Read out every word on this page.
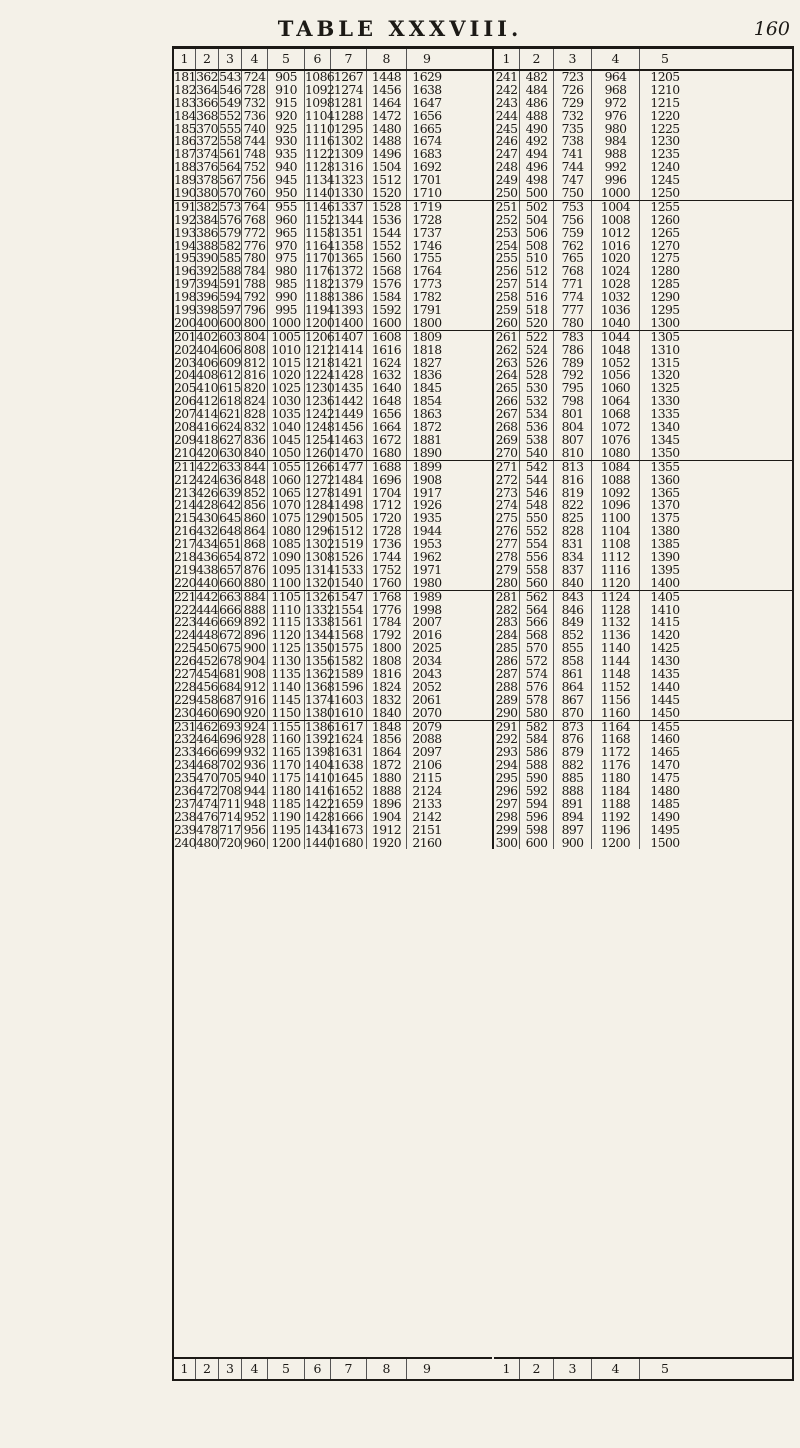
TABLE XXXVIII.	160
1	2	3	4	5	6	7	8	9
181 362 543 724 905 1086 1267 1448 1629
182 364 546 728 910 1092 1274 1456 1638
183 366 549 732 915 1098 1281 1464 1647
184 368 552 736 920 1104 1288 1472 1656
185 370 555 740 925 1110 1295 1480 1665
186 372 558 744 930 1116 1302 1488 1674
187 374 561 748 935 1122 1309 1496 1683
188 376 564 752 940 1128 1316 1504 1692
189 378 567 756 945 1134 1323 1512 1701
190 380 570 760 950 1140 1330 1520 1710
191 382 573 764 955 1146 1337 1528 1719
192 384 576 768 960 1152 1344 1536 1728
193 386 579 772 965 1158 1351 1544 1737
194 388 582 776 970 1164 1358 1552 1746
195 390 585 780 975 1170 1365 1560 1755
196 392 588 784 980 1176 1372 1568 1764
197 394 591 788 985 1182 1379 1576 1773
198 396 594 792 990 1188 1386 1584 1782
199 398 597 796 995 1194 1393 1592 1791
200 400 600 800 1000 1200 1400 1600 1800
201 402 603 804 1005 1206 1407 1608 1809
202 404 606 808 1010 1212 1414 1616 1818
203 406 609 812 1015 1218 1421 1624 1827
204 408 612 816 1020 1224 1428 1632 1836
205 410 615 820 1025 1230 1435 1640 1845
206 412 618 824 1030 1236 1442 1648 1854
207 414 621 828 1035 1242 1449 1656 1863
208 416 624 832 1040 1248 1456 1664 1872
209 418 627 836 1045 1254 1463 1672 1881
210 420 630 840 1050 1260 1470 1680 1890
211 422 633 844 1055 1266 1477 1688 1899
212 424 636 848 1060 1272 1484 1696 1908
213 426 639 852 1065 1278 1491 1704 1917
214 428 642 856 1070 1284 1498 1712 1926
215 430 645 860 1075 1290 1505 1720 1935
216 432 648 864 1080 1296 1512 1728 1944
217 434 651 868 1085 1302 1519 1736 1953
218 436 654 872 1090 1308 1526 1744 1962
219 438 657 876 1095 1314 1533 1752 1971
220 440 660 880 1100 1320 1540 1760 1980
221 442 663 884 1105 1326 1547 1768 1989
222 444 666 888 1110 1332 1554 1776 1998
223 446 669 892 1115 1338 1561 1784 2007
224 448 672 896 1120 1344 1568 1792 2016
225 450 675 900 1125 1350 1575 1800 2025
226 452 678 904 1130 1356 1582 1808 2034
227 454 681 908 1135 1362 1589 1816 2043
228 456 684 912 1140 1368 1596 1824 2052
229 458 687 916 1145 1374 1603 1832 2061
230 460 690 920 1150 1380 1610 1840 2070
231 462 693 924 1155 1386 1617 1848 2079
232 464 696 928 1160 1392 1624 1856 2088
233 466 699 932 1165 1398 1631 1864 2097
234 468 702 936 1170 1404 1638 1872 2106
235 470 705 940 1175 1410 1645 1880 2115
236 472 708 944 1180 1416 1652 1888 2124
237 474 711 948 1185 1422 1659 1896 2133
238 476 714 952 1190 1428 1666 1904 2142
239 478 717 956 1195 1434 1673 1912 2151
240 480 720 960 1200 1440 1680 1920 2160
1	2	3	4	5	6	7	8	9
1	2	3	4	5
241 482	723	964	1205
242 484	726	968	1210
243 486	729	972	1215
244 488	732	976	1220
245 490	735	980	1225
246 492	738	984	1230
247 494	741	988	1235
248 496	744	992	1240
249 498	747	996	1245
250 500	750	1000	1250
251 502	753	1004	1255
252 504	756	1008	1260
253 506	759	1012	1265
254 508	762	1016	1270
255 510	765	1020	1275
256 512	768	1024	1280
257 514	771	1028	1285
258 516	774	1032	1290
259 518	777	1036	1295
260 520	780	1040	1300
261 522	783	1044	1305
262 524	786	1048	1310
263 526	789	1052	1315
264 528	792	1056	1320
265 530	795	1060	1325
266 532	798	1064	1330
267 534	801	1068	1335
268 536	804	1072	1340
269 538	807	1076	1345
270 540	810	1080	1350
271 542	813	1084	1355
272 544	816	1088	1360
273 546	819	1092	1365
274 548	822	1096	1370
275 550	825	1100	1375
276 552	828	1104	1380
277 554	831	1108	1385
278 556	834	1112	1390
279 558	837	1116	1395
280 560	840	1120	1400
281 562	843	1124	1405
282 564	846	1128	1410
283 566	849	1132	1415
284 568	852	1136	1420
285 570	855	1140	1425
286 572	858	1144	1430
287 574	861	1148	1435
288 576	864	1152	1440
289 578	867	1156	1445
290 580	870	1160	1450
291 582	873	1164	1455
292 584	876	1168	1460
293 586	879	1172	1465
294 588	882	1176	1470
295 590	885	1180	1475
296 592	888	1184	1480
297 594	891	1188	1485
298 596	894	1192	1490
299 598	897	1196	1495
300 600	900	1200	1500
1	2	3	4	5
